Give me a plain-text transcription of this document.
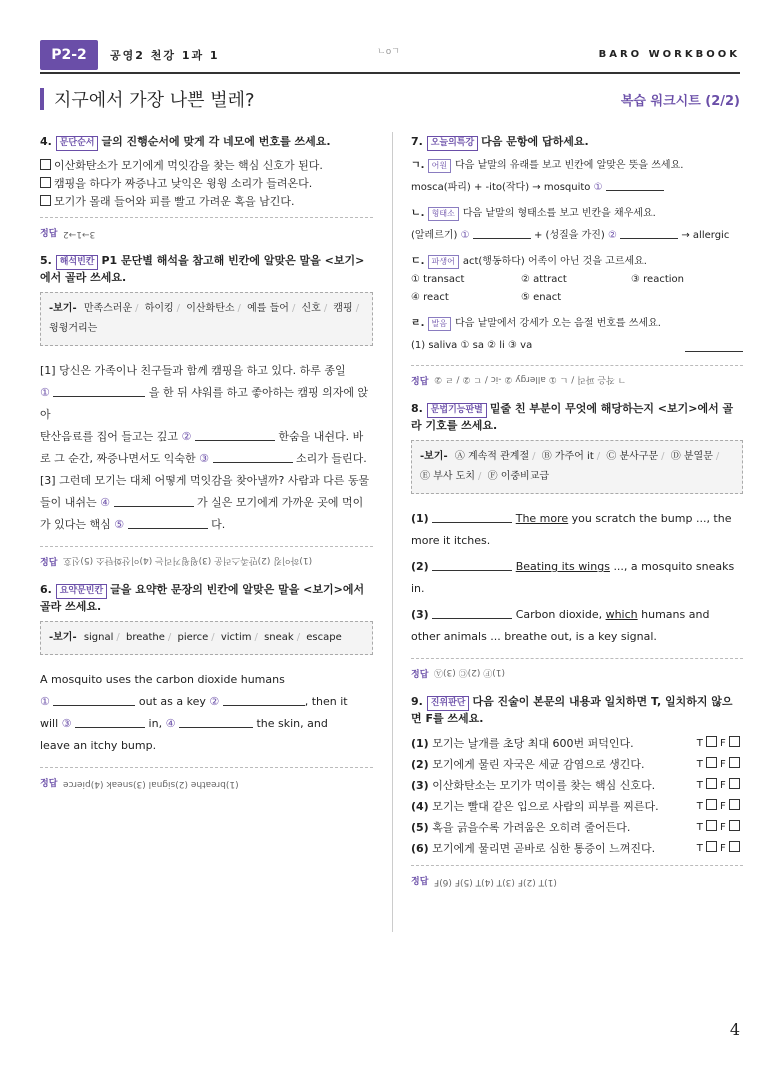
P2-2	공영2 천강 1과 1	BARO WORKBOOK
ㄴoㄱ
지구에서 가장 나쁜 벌레?	복습 워크시트 (2/2)
4. 문단순서 글의 진행순서에 맞게 각 네모에 번호를 쓰세요.
이산화탄소가 모기에게 먹잇감을 찾는 핵심 신호가 된다.
캠핑을 하다가 짜증나고 낮익은 윙윙 소리가 들려온다.
모기가 몰래 들어와 피를 빨고 가려운 혹을 남긴다.
정답 3→1→2
5. 해석빈칸 P1 문단별 해석을 참고해 빈칸에 알맞은 말을 <보기>에서 골라 쓰세요.
-보기- 만족스러운 / 하이킹 / 이산화탄소 / 예를 들어 / 신호 / 캠핑 / 윙윙거리는
[1] 당신은 가족이나 친구들과 함께 캠핑을 하고 있다. 하루 종일
①	을 한 뒤 샤워를 하고 좋아하는 캠핑 의자에 앉아
탄산음료를 집어 들고는 깊고 ②	한숨을 내쉰다. 바
로 그 순간, 짜증나면서도 익숙한 ③	소리가 들린다.
[3] 그런데 모기는 대체 어떻게 먹잇감을 찾아낼까? 사람과 다른 동물
들이 내쉬는 ④	가 실은 모기에게 가까운 곳에 먹이
가 있다는 핵심 ⑤	다.
정답 (1)하이킹 (2)만족스러운 (3)윙윙거리는 (4)이산화탄소 (5)신호
6. 요약문빈칸 글을 요약한 문장의 빈칸에 알맞은 말을 <보기>에서 골라 쓰세요.
-보기- signal / breathe / pierce / victim / sneak / escape
A mosquito uses the carbon dioxide humans
①	out as a key ②	, then it
will ③	in, ④	the skin, and
leave an itchy bump.
정답 (1)breathe (2)signal (3)sneak (4)pierce
7. 오늘의특강 다음 문항에 답하세요.
ㄱ. 어원 다음 낱말의 유래를 보고 빈칸에 알맞은 뜻을 쓰세요.
mosca(파리) + -ito(작다) → mosquito ①
ㄴ. 형태소 다음 낱말의 형태소를 보고 빈칸을 채우세요.
(알레르기) ①	+ (성질을 가진) ②	→ allergic
ㄷ. 파생어 act(행동하다) 어족이 아닌 것을 고르세요.
① transact	② attract	③ reaction
④ react	⑤ enact
ㄹ. 발음 다음 낱말에서 강세가 오는 음절 번호를 쓰세요.
(1) saliva ① sa ② li ③ va
정답 ㄱ 작은 파리 / ㄴ ① allergy ② -ic / ㄷ ② / ㄹ ②
8. 문법기능판별 밑줄 친 부분이 무엇에 해당하는지 <보기>에서 골라 기호를 쓰세요.
-보기- Ⓐ 계속적 관계절 / Ⓑ 가주어 it / Ⓒ 분사구문 / Ⓓ 분열문 / Ⓔ 부사 도치 / Ⓕ 이중비교급
(1)	The more you scratch the bump ..., the
more it itches.
(2)	Beating its wings ..., a mosquito sneaks
in.
(3)	Carbon dioxide, which humans and
other animals ... breathe out, is a key signal.
정답 (1)Ⓕ (2)Ⓒ (3)Ⓐ
9. 진위판단 다음 진술이 본문의 내용과 일치하면 T, 일치하지 않으면 F를 쓰세요.
(1) 모기는 날개를 초당 최대 600번 퍼덕인다.	T F
(2) 모기에게 물린 자국은 세균 감염으로 생긴다.	T F
(3) 이산화탄소는 모기가 먹이를 찾는 핵심 신호다.	T F
(4) 모기는 빨대 같은 입으로 사람의 피부를 찌른다.	T F
(5) 혹을 긁을수록 가려움은 오히려 줄어든다.	T F
(6) 모기에게 물리면 곧바로 심한 통증이 느껴진다.	T F
정답 (1)T (2)F (3)T (4)T (5)F (6)F
4
